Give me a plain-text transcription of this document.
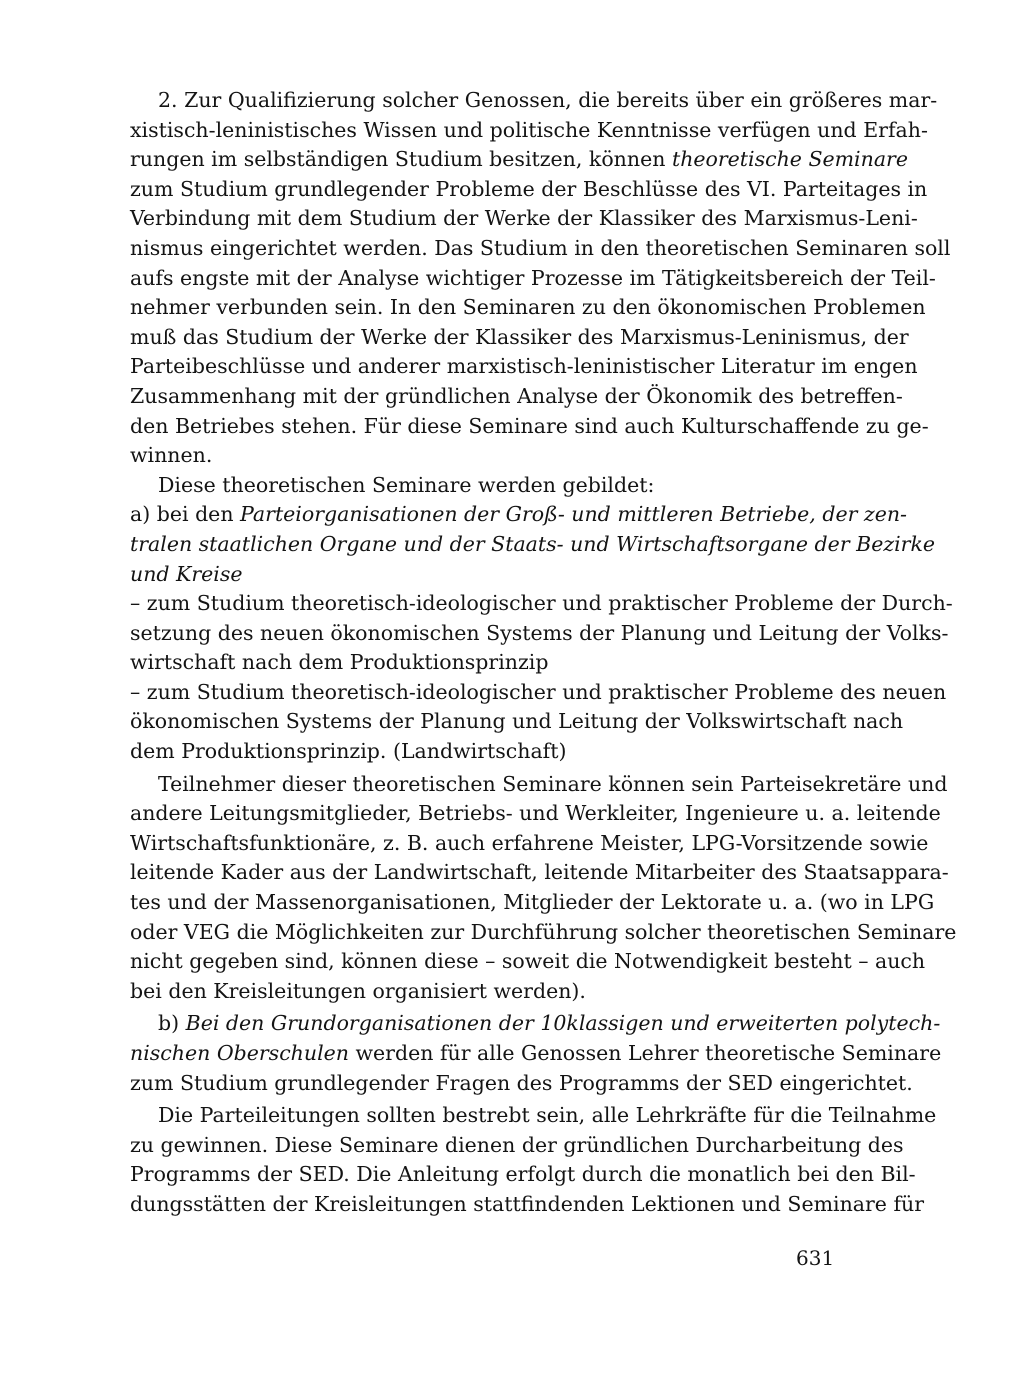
2. Zur Qualifizierung solcher Genossen, die bereits über ein größeres mar-
xistisch-leninistisches Wissen und politische Kenntnisse verfügen und Erfah-
rungen im selbständigen Studium besitzen, können theoretische Seminare
zum Studium grundlegender Probleme der Beschlüsse des VI. Parteitages in
Verbindung mit dem Studium der Werke der Klassiker des Marxismus-Leni-
nismus eingerichtet werden. Das Studium in den theoretischen Seminaren soll
aufs engste mit der Analyse wichtiger Prozesse im Tätigkeitsbereich der Teil-
nehmer verbunden sein. In den Seminaren zu den ökonomischen Problemen
muß das Studium der Werke der Klassiker des Marxismus-Leninismus, der
Parteibeschlüsse und anderer marxistisch-leninistischer Literatur im engen
Zusammenhang mit der gründlichen Analyse der Ökonomik des betreffen-
den Betriebes stehen. Für diese Seminare sind auch Kulturschaffende zu ge-
winnen.
Diese theoretischen Seminare werden gebildet:
a) bei den Parteiorganisationen der Groß- und mittleren Betriebe, der zen-
tralen staatlichen Organe und der Staats- und Wirtschaftsorgane der Bezirke
und Kreise
– zum Studium theoretisch-ideologischer und praktischer Probleme der Durch-
setzung des neuen ökonomischen Systems der Planung und Leitung der Volks-
wirtschaft nach dem Produktionsprinzip
– zum Studium theoretisch-ideologischer und praktischer Probleme des neuen
ökonomischen Systems der Planung und Leitung der Volkswirtschaft nach
dem Produktionsprinzip. (Landwirtschaft)
Teilnehmer dieser theoretischen Seminare können sein Parteisekretäre und
andere Leitungsmitglieder, Betriebs- und Werkleiter, Ingenieure u. a. leitende
Wirtschaftsfunktionäre, z. B. auch erfahrene Meister, LPG-Vorsitzende sowie
leitende Kader aus der Landwirtschaft, leitende Mitarbeiter des Staatsappara-
tes und der Massenorganisationen, Mitglieder der Lektorate u. a. (wo in LPG
oder VEG die Möglichkeiten zur Durchführung solcher theoretischen Seminare
nicht gegeben sind, können diese – soweit die Notwendigkeit besteht – auch
bei den Kreisleitungen organisiert werden).
b) Bei den Grundorganisationen der 10klassigen und erweiterten polytech-
nischen Oberschulen werden für alle Genossen Lehrer theoretische Seminare
zum Studium grundlegender Fragen des Programms der SED eingerichtet.
Die Parteileitungen sollten bestrebt sein, alle Lehrkräfte für die Teilnahme
zu gewinnen. Diese Seminare dienen der gründlichen Durcharbeitung des
Programms der SED. Die Anleitung erfolgt durch die monatlich bei den Bil-
dungsstätten der Kreisleitungen stattfindenden Lektionen und Seminare für
631
